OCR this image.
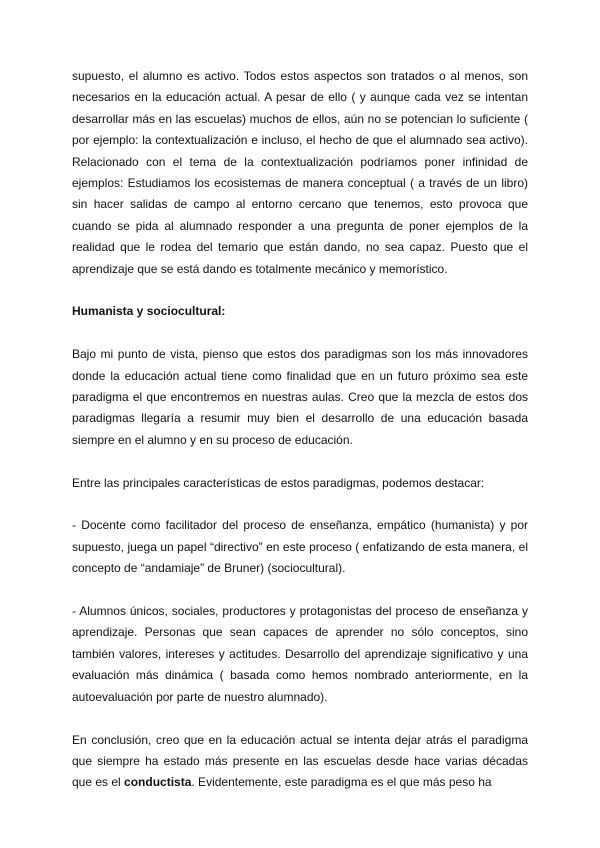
supuesto, el alumno es activo. Todos estos aspectos son tratados o al menos, son necesarios en la educación actual. A pesar de ello ( y aunque cada vez se intentan desarrollar más en las escuelas) muchos de ellos, aún no se potencian lo suficiente ( por ejemplo: la contextualización e incluso, el hecho de que el alumnado sea activo). Relacionado con el tema de la contextualización podríamos poner infinidad de ejemplos: Estudiamos los ecosistemas de manera conceptual ( a través de un libro) sin hacer salidas de campo al entorno cercano que tenemos, esto provoca que cuando se pida al alumnado responder a una pregunta de poner ejemplos de la realidad que le rodea del temario que están dando, no sea capaz. Puesto que el aprendizaje que se está dando es totalmente mecánico y memorístico.

Humanista y sociocultural:

Bajo mi punto de vista, pienso que estos dos paradigmas son los más innovadores donde la educación actual tiene como finalidad que en un futuro próximo sea este paradigma el que encontremos en nuestras aulas. Creo que la mezcla de estos dos paradigmas llegaría a resumir muy bien el desarrollo de una educación basada siempre en el alumno y en su proceso de educación.

Entre las principales características de estos paradigmas, podemos destacar:

- Docente como facilitador del proceso de enseñanza, empático (humanista) y por supuesto, juega un papel “directivo” en este proceso ( enfatizando de esta manera, el concepto de “andamiaje” de Bruner) (sociocultural).

- Alumnos únicos, sociales, productores y protagonistas del proceso de enseñanza y aprendizaje. Personas que sean capaces de aprender no sólo conceptos, sino también valores, intereses y actitudes. Desarrollo del aprendizaje significativo y una evaluación más dinámica ( basada como hemos nombrado anteriormente, en la autoevaluación por parte de nuestro alumnado).

En conclusión, creo que en la educación actual se intenta dejar atrás el paradigma que siempre ha estado más presente en las escuelas desde hace varias décadas que es el conductista. Evidentemente, este paradigma es el que más peso ha
